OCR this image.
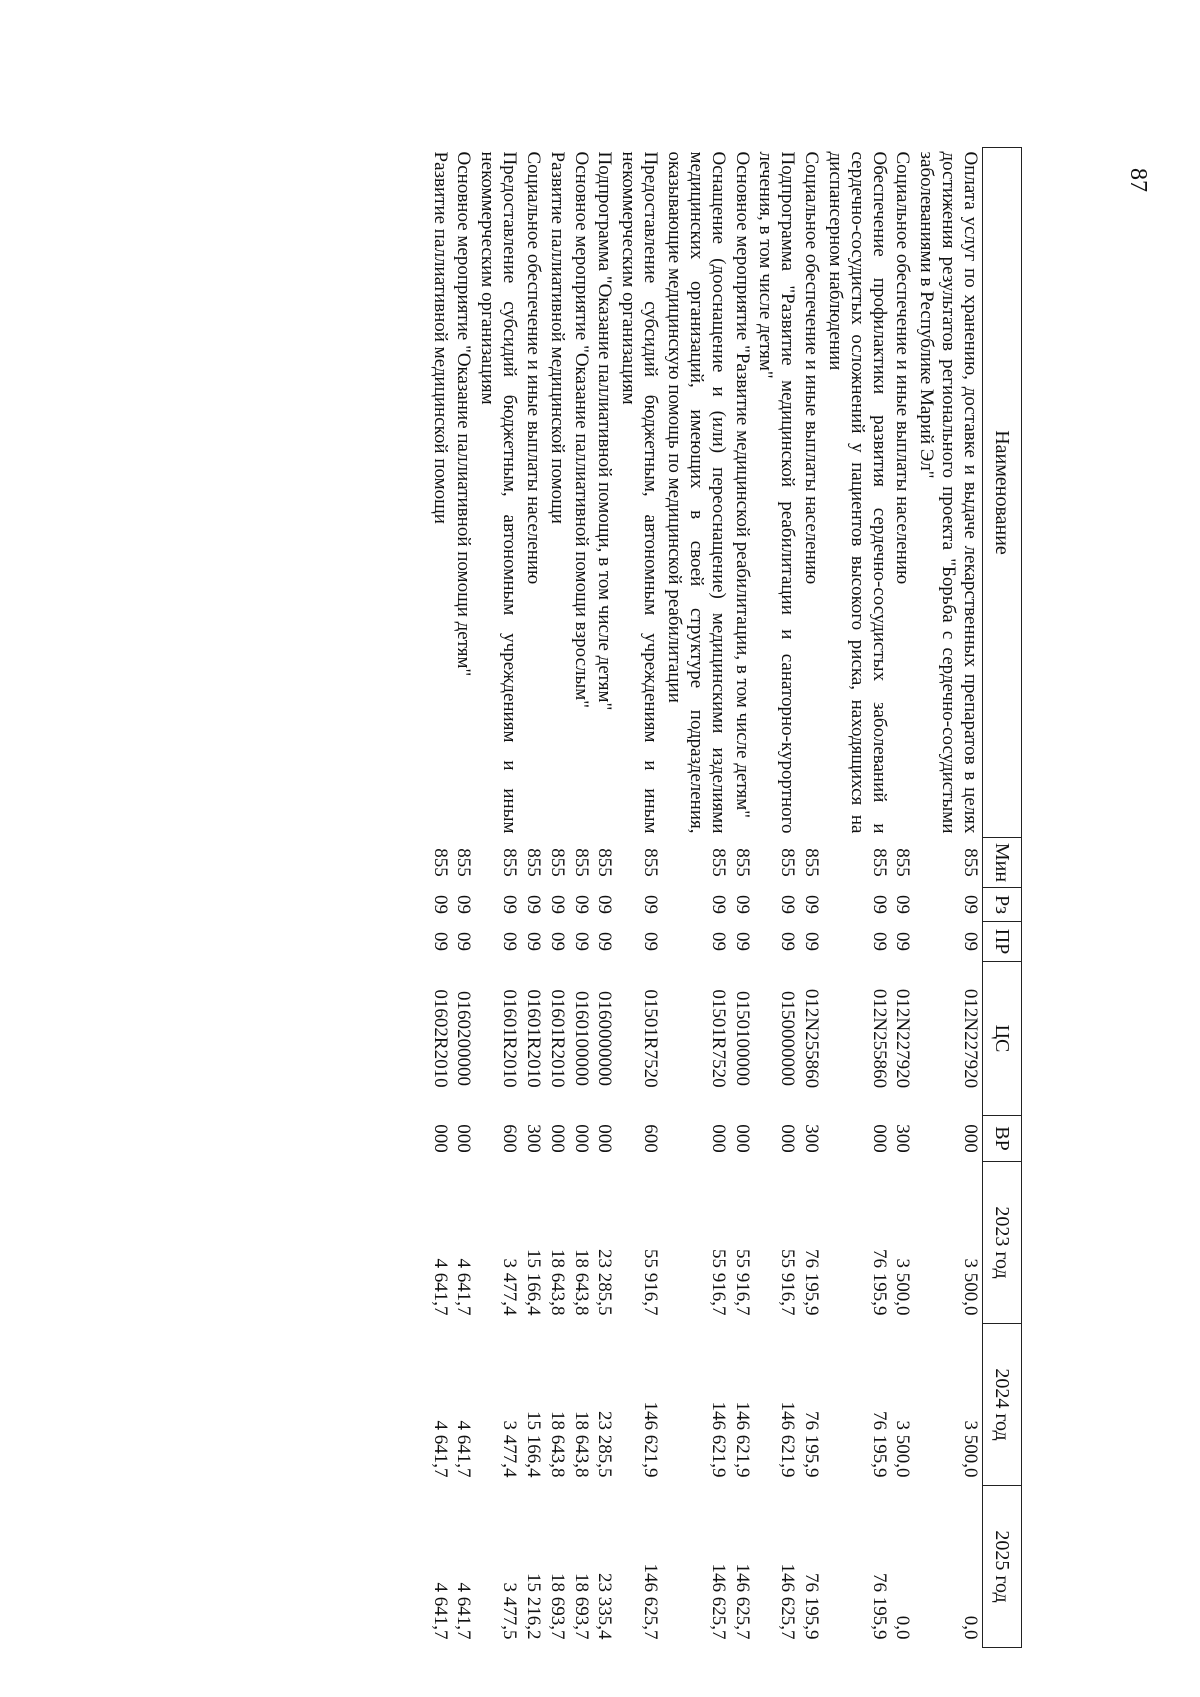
87
Наименование	Мин	Рз	ПР	ЦС	ВР	2023 год	2024 год	2025 год
Оплата услуг по хранению, доставке и выдаче лекарственных препаратов в целях достижения результатов регионального проекта "Борьба с сердечно-сосудистыми заболеваниями в Республике Марий Эл"	855	09	09	012N227920	000	3 500,0	3 500,0	0,0
Социальное обеспечение и иные выплаты населению	855	09	09	012N227920	300	3 500,0	3 500,0	0,0
Обеспечение профилактики развития сердечно-сосудистых заболеваний и сердечно-сосудистых осложнений у пациентов высокого риска, находящихся на диспансерном наблюдении	855	09	09	012N255860	000	76 195,9	76 195,9	76 195,9
Социальное обеспечение и иные выплаты населению	855	09	09	012N255860	300	76 195,9	76 195,9	76 195,9
Подпрограмма "Развитие медицинской реабилитации и санаторно-курортного лечения, в том числе детям"	855	09	09	0150000000	000	55 916,7	146 621,9	146 625,7
Основное мероприятие "Развитие медицинской реабилитации, в том числе детям"	855	09	09	0150100000	000	55 916,7	146 621,9	146 625,7
Оснащение (дооснащение и (или) переоснащение) медицинскими изделиями медицинских организаций, имеющих в своей структуре подразделения, оказывающие медицинскую помощь по медицинской реабилитации	855	09	09	01501R7520	000	55 916,7	146 621,9	146 625,7
Предоставление субсидий бюджетным, автономным учреждениям и иным некоммерческим организациям	855	09	09	01501R7520	600	55 916,7	146 621,9	146 625,7
Подпрограмма "Оказание паллиативной помощи, в том числе детям"	855	09	09	0160000000	000	23 285,5	23 285,5	23 335,4
Основное мероприятие "Оказание паллиативной помощи взрослым"	855	09	09	0160100000	000	18 643,8	18 643,8	18 693,7
Развитие паллиативной медицинской помощи	855	09	09	01601R2010	000	18 643,8	18 643,8	18 693,7
Социальное обеспечение и иные выплаты населению	855	09	09	01601R2010	300	15 166,4	15 166,4	15 216,2
Предоставление субсидий бюджетным, автономным учреждениям и иным некоммерческим организациям	855	09	09	01601R2010	600	3 477,4	3 477,4	3 477,5
Основное мероприятие "Оказание паллиативной помощи детям"	855	09	09	0160200000	000	4 641,7	4 641,7	4 641,7
Развитие паллиативной медицинской помощи	855	09	09	01602R2010	000	4 641,7	4 641,7	4 641,7
